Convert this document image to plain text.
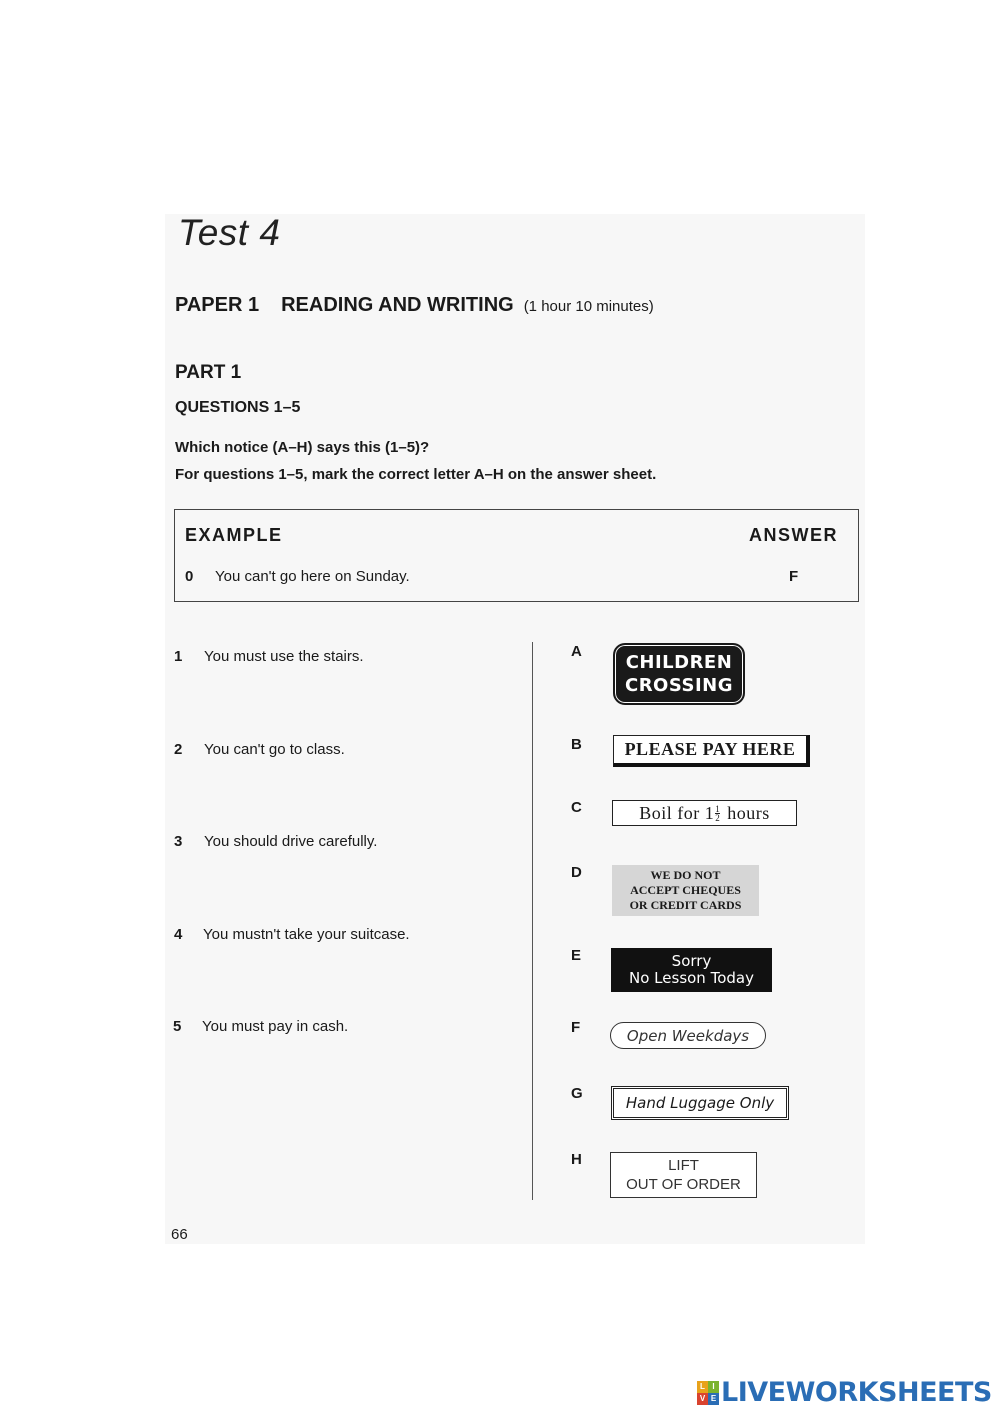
Test 4
PAPER 1 READING AND WRITING (1 hour 10 minutes)
PART 1
QUESTIONS 1–5
Which notice (A–H) says this (1–5)?
For questions 1–5, mark the correct letter A–H on the answer sheet.
EXAMPLE	ANSWER
0 You can't go here on Sunday.	F
1 You must use the stairs.
2 You can't go to class.
3 You should drive carefully.
4 You mustn't take your suitcase.
5 You must pay in cash.
A
B
C
D
E
F
G
H
CHILDREN
CROSSING
PLEASE PAY HERE
Boil for $1 \frac{1}{2}$ hours
WE DO NOT
ACCEPT CHEQUES
OR CREDIT CARDS
Sorry
No Lesson Today
Open Weekdays
Hand Luggage Only
LIFT
OUT OF ORDER
66
L I
V E LIVEWORKSHEETS
